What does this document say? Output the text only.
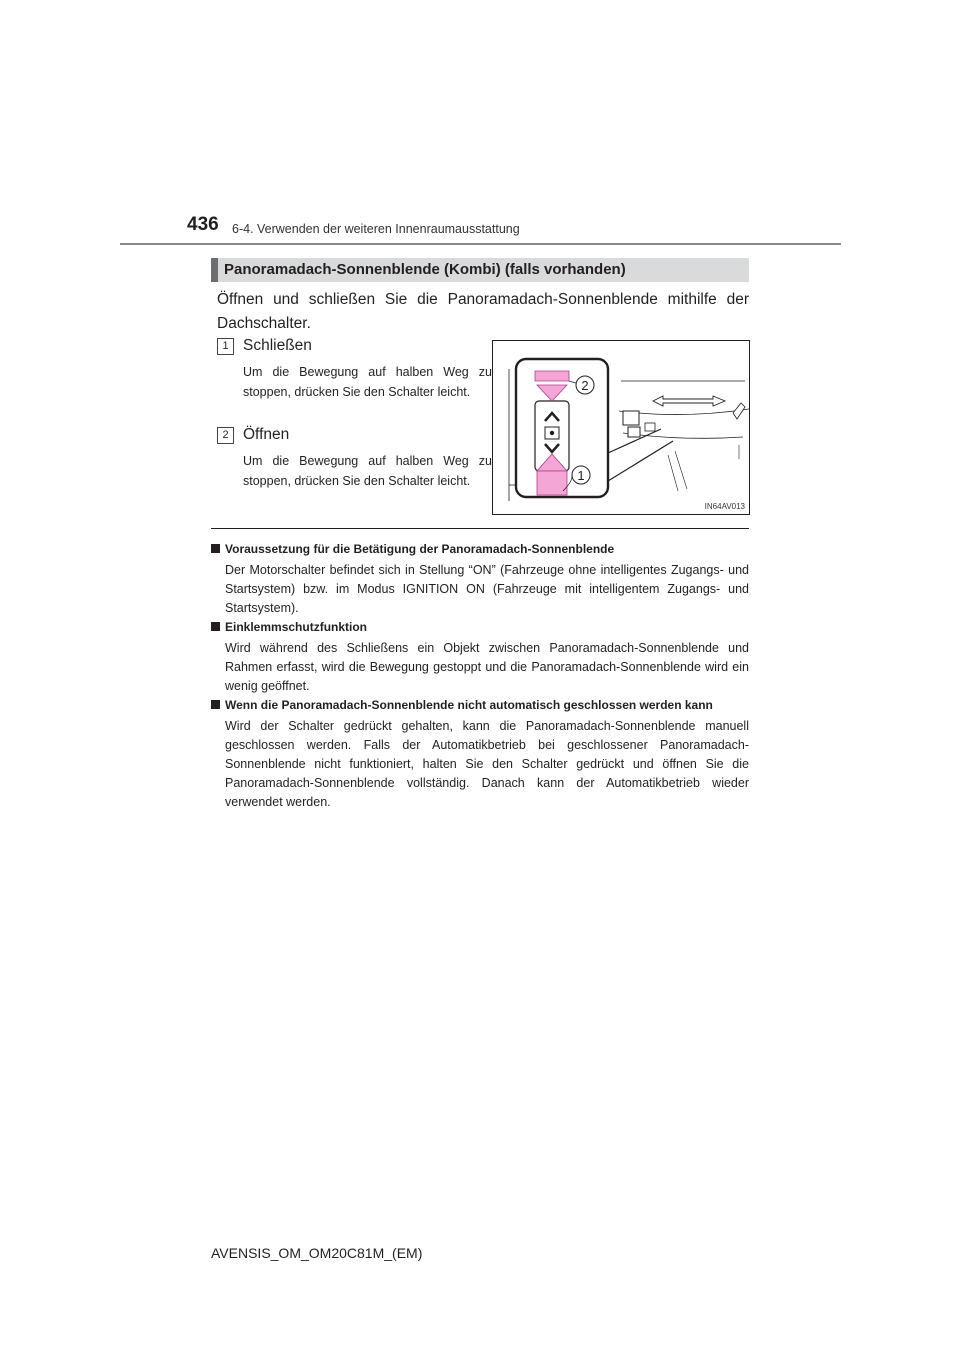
436 6-4. Verwenden der weiteren Innenraumausstattung
Panoramadach-Sonnenblende (Kombi) (falls vorhanden)
Öffnen und schließen Sie die Panoramadach-Sonnenblende mithilfe der Dachschalter.
1 Schließen
Um die Bewegung auf halben Weg zu stoppen, drücken Sie den Schalter leicht.
2 Öffnen
Um die Bewegung auf halben Weg zu stoppen, drücken Sie den Schalter leicht.
2
1
IN64AV013
Voraussetzung für die Betätigung der Panoramadach-Sonnenblende
Der Motorschalter befindet sich in Stellung “ON” (Fahrzeuge ohne intelligentes Zugangs- und Startsystem) bzw. im Modus IGNITION ON (Fahrzeuge mit intelligentem Zugangs- und Startsystem).
Einklemmschutzfunktion
Wird während des Schließens ein Objekt zwischen Panoramadach-Sonnenblende und Rahmen erfasst, wird die Bewegung gestoppt und die Panoramadach-Sonnenblende wird ein wenig geöffnet.
Wenn die Panoramadach-Sonnenblende nicht automatisch geschlossen werden kann
Wird der Schalter gedrückt gehalten, kann die Panoramadach-Sonnenblende manuell geschlossen werden. Falls der Automatikbetrieb bei geschlossener Panoramadach-Sonnenblende nicht funktioniert, halten Sie den Schalter gedrückt und öffnen Sie die Panoramadach-Sonnenblende vollständig. Danach kann der Automatikbetrieb wieder verwendet werden.
AVENSIS_OM_OM20C81M_(EM)
